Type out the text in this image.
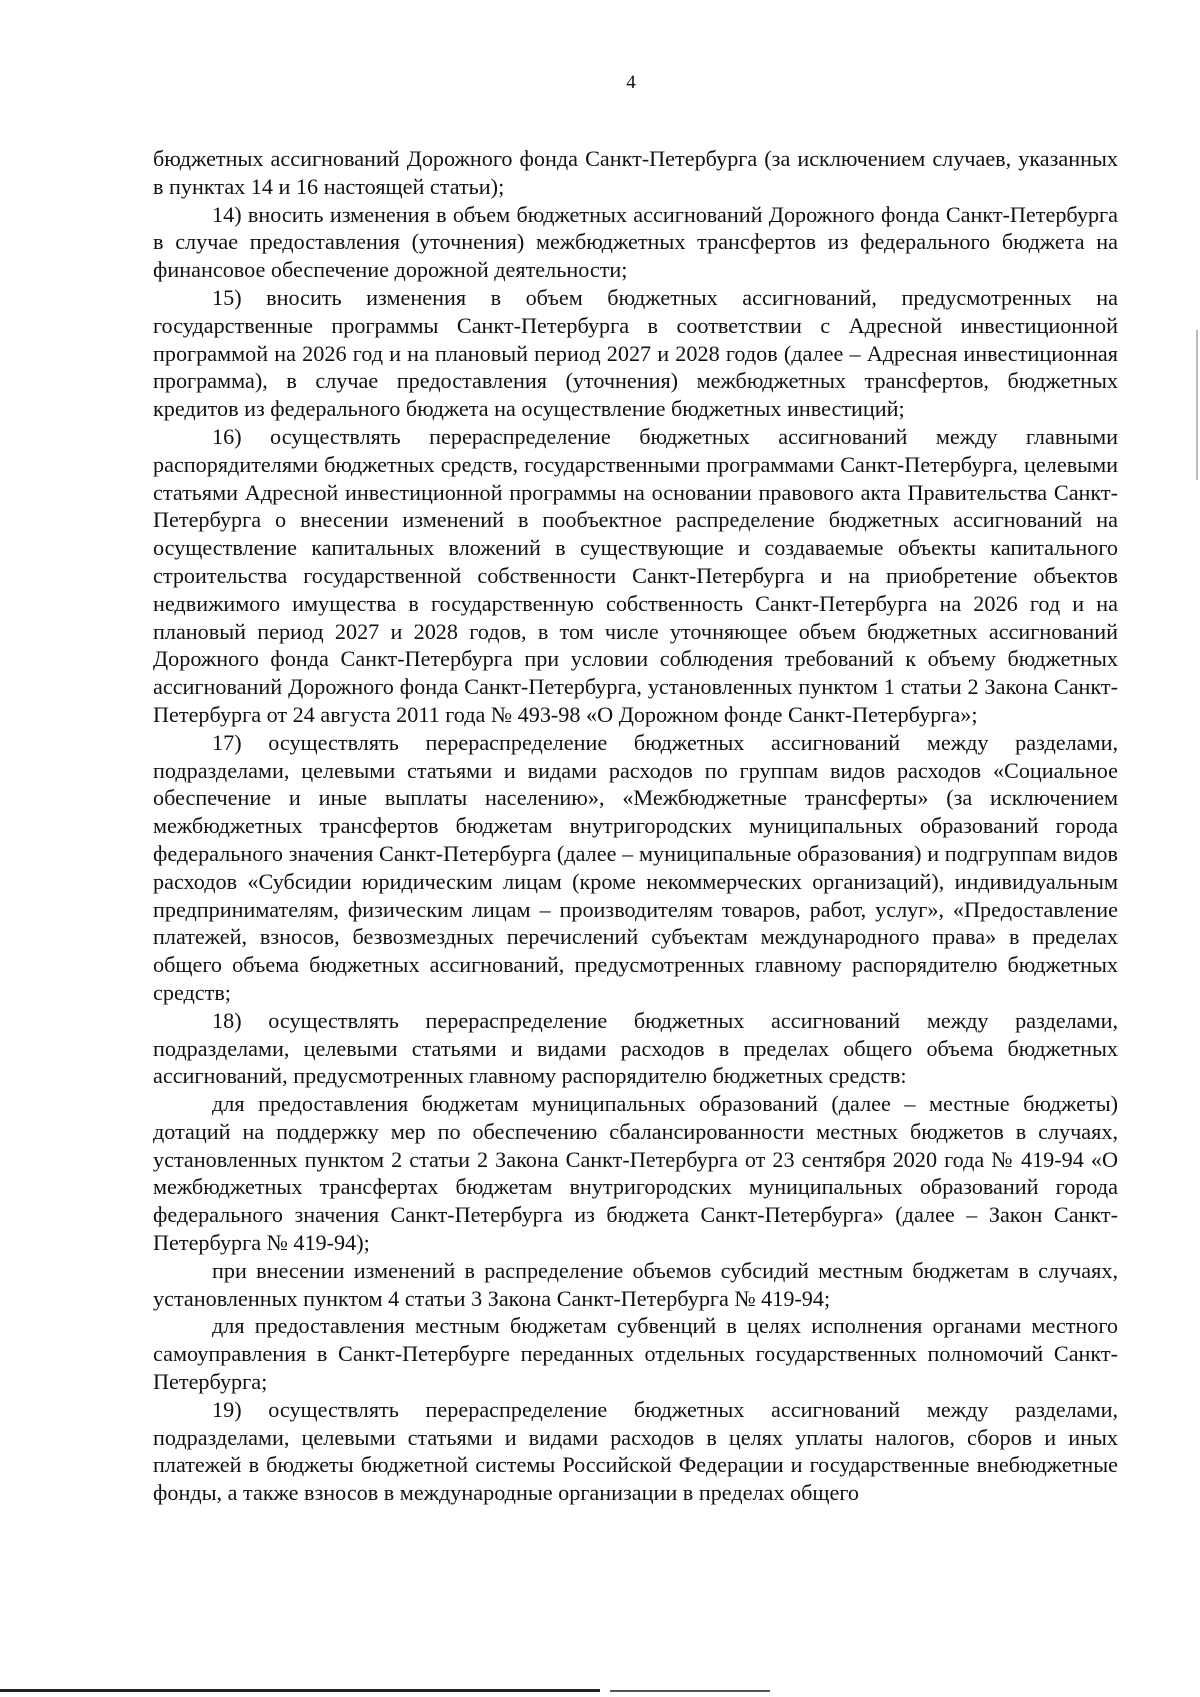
4

бюджетных ассигнований Дорожного фонда Санкт-Петербурга (за исключением случаев, указанных в пунктах 14 и 16 настоящей статьи);

14) вносить изменения в объем бюджетных ассигнований Дорожного фонда Санкт-Петербурга в случае предоставления (уточнения) межбюджетных трансфертов из федерального бюджета на финансовое обеспечение дорожной деятельности;

15) вносить изменения в объем бюджетных ассигнований, предусмотренных на государственные программы Санкт-Петербурга в соответствии с Адресной инвестиционной программой на 2026 год и на плановый период 2027 и 2028 годов (далее – Адресная инвестиционная программа), в случае предоставления (уточнения) межбюджетных трансфертов, бюджетных кредитов из федерального бюджета на осуществление бюджетных инвестиций;

16) осуществлять перераспределение бюджетных ассигнований между главными распорядителями бюджетных средств, государственными программами Санкт-Петербурга, целевыми статьями Адресной инвестиционной программы на основании правового акта Правительства Санкт-Петербурга о внесении изменений в пообъектное распределение бюджетных ассигнований на осуществление капитальных вложений в существующие и создаваемые объекты капитального строительства государственной собственности Санкт-Петербурга и на приобретение объектов недвижимого имущества в государственную собственность Санкт-Петербурга на 2026 год и на плановый период 2027 и 2028 годов, в том числе уточняющее объем бюджетных ассигнований Дорожного фонда Санкт-Петербурга при условии соблюдения требований к объему бюджетных ассигнований Дорожного фонда Санкт-Петербурга, установленных пунктом 1 статьи 2 Закона Санкт-Петербурга от 24 августа 2011 года № 493-98 «О Дорожном фонде Санкт-Петербурга»;

17) осуществлять перераспределение бюджетных ассигнований между разделами, подразделами, целевыми статьями и видами расходов по группам видов расходов «Социальное обеспечение и иные выплаты населению», «Межбюджетные трансферты» (за исключением межбюджетных трансфертов бюджетам внутригородских муниципальных образований города федерального значения Санкт-Петербурга (далее – муниципальные образования) и подгруппам видов расходов «Субсидии юридическим лицам (кроме некоммерческих организаций), индивидуальным предпринимателям, физическим лицам – производителям товаров, работ, услуг», «Предоставление платежей, взносов, безвозмездных перечислений субъектам международного права» в пределах общего объема бюджетных ассигнований, предусмотренных главному распорядителю бюджетных средств;

18) осуществлять перераспределение бюджетных ассигнований между разделами, подразделами, целевыми статьями и видами расходов в пределах общего объема бюджетных ассигнований, предусмотренных главному распорядителю бюджетных средств:

для предоставления бюджетам муниципальных образований (далее – местные бюджеты) дотаций на поддержку мер по обеспечению сбалансированности местных бюджетов в случаях, установленных пунктом 2 статьи 2 Закона Санкт-Петербурга от 23 сентября 2020 года № 419-94 «О межбюджетных трансфертах бюджетам внутригородских муниципальных образований города федерального значения Санкт-Петербурга из бюджета Санкт-Петербурга» (далее – Закон Санкт-Петербурга № 419-94);

при внесении изменений в распределение объемов субсидий местным бюджетам в случаях, установленных пунктом 4 статьи 3 Закона Санкт-Петербурга № 419-94;

для предоставления местным бюджетам субвенций в целях исполнения органами местного самоуправления в Санкт-Петербурге переданных отдельных государственных полномочий Санкт-Петербурга;

19) осуществлять перераспределение бюджетных ассигнований между разделами, подразделами, целевыми статьями и видами расходов в целях уплаты налогов, сборов и иных платежей в бюджеты бюджетной системы Российской Федерации и государственные внебюджетные фонды, а также взносов в международные организации в пределах общего
